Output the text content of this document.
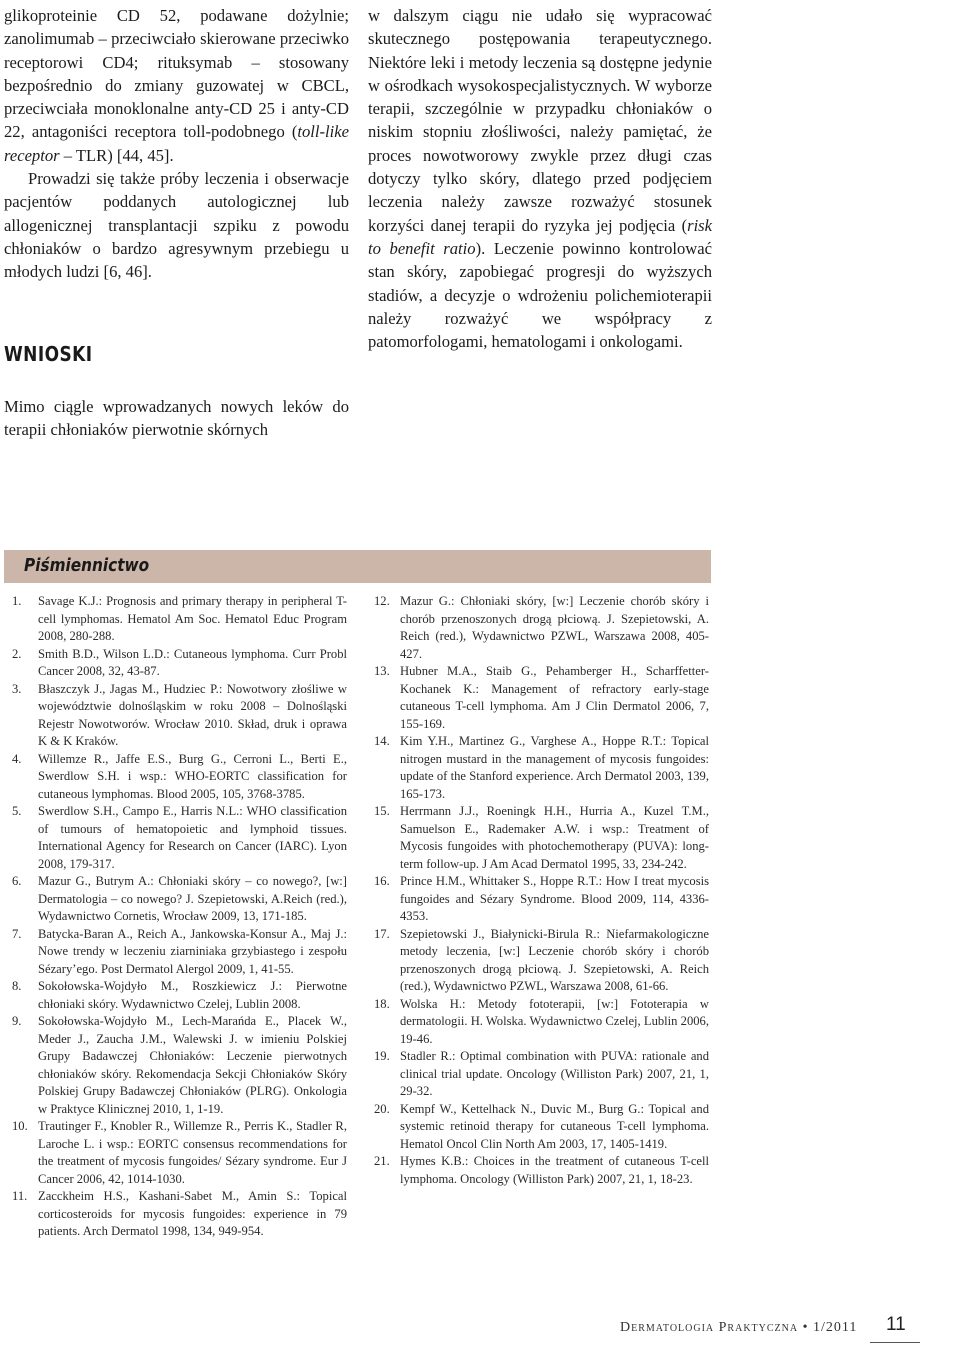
glikoproteinie CD 52, podawane dożylnie; zanolimumab – przeciwciało skierowane przeciwko receptorowi CD4; rituksymab – stosowany bezpośrednio do zmiany guzowatej w CBCL, przeciwciała monoklonalne anty-CD 25 i anty-CD 22, antagoniści receptora toll-podobnego (toll-like receptor – TLR) [44, 45].

Prowadzi się także próby leczenia i obserwacje pacjentów poddanych autologicznej lub allogenicznej transplantacji szpiku z powodu chłoniaków o bardzo agresywnym przebiegu u młodych ludzi [6, 46].

WNIOSKI
Mimo ciągle wprowadzanych nowych leków do terapii chłoniaków pierwotnie skórnych

w dalszym ciągu nie udało się wypracować skutecznego postępowania terapeutycznego. Niektóre leki i metody leczenia są dostępne jedynie w ośrodkach wysokospecjalistycznych. W wyborze terapii, szczególnie w przypadku chłoniaków o niskim stopniu złośliwości, należy pamiętać, że proces nowotworowy zwykle przez długi czas dotyczy tylko skóry, dlatego przed podjęciem leczenia należy zawsze rozważyć stosunek korzyści danej terapii do ryzyka jej podjęcia (risk to benefit ratio). Leczenie powinno kontrolować stan skóry, zapobiegać progresji do wyższych stadiów, a decyzje o wdrożeniu polichemioterapii należy rozważyć we współpracy z patomorfologami, hematologami i onkologami.

Piśmiennictwo
1.	Savage K.J.: Prognosis and primary therapy in peripheral T-cell lymphomas. Hematol Am Soc. Hematol Educ Program 2008, 280-288.
2.	Smith B.D., Wilson L.D.: Cutaneous lymphoma. Curr Probl Cancer 2008, 32, 43-87.
3.	Błaszczyk J., Jagas M., Hudziec P.: Nowotwory złośliwe w województwie dolnośląskim w roku 2008 – Dolnośląski Rejestr Nowotworów. Wrocław 2010. Skład, druk i oprawa K & K Kraków.
4.	Willemze R., Jaffe E.S., Burg G., Cerroni L., Berti E., Swerdlow S.H. i wsp.: WHO-EORTC classification for cutaneous lymphomas. Blood 2005, 105, 3768-3785.
5.	Swerdlow S.H., Campo E., Harris N.L.: WHO classification of tumours of hematopoietic and lymphoid tissues. International Agency for Research on Cancer (IARC). Lyon 2008, 179-317.
6.	Mazur G., Butrym A.: Chłoniaki skóry – co nowego?, [w:] Dermatologia – co nowego? J. Szepietowski, A.Reich (red.), Wydawnictwo Cornetis, Wrocław 2009, 13, 171-185.
7.	Batycka-Baran A., Reich A., Jankowska-Konsur A., Maj J.: Nowe trendy w leczeniu ziarniniaka grzybiastego i zespołu Sézary’ego. Post Dermatol Alergol 2009, 1, 41-55.
8.	Sokołowska-Wojdyło M., Roszkiewicz J.: Pierwotne chłoniaki skóry. Wydawnictwo Czelej, Lublin 2008.
9.	Sokołowska-Wojdyło M., Lech-Marańda E., Placek W., Meder J., Zaucha J.M., Walewski J. w imieniu Polskiej Grupy Badawczej Chłoniaków: Leczenie pierwotnych chłoniaków skóry. Rekomendacja Sekcji Chłoniaków Skóry Polskiej Grupy Badawczej Chłoniaków (PLRG). Onkologia w Praktyce Klinicznej 2010, 1, 1-19.
10. Trautinger F., Knobler R., Willemze R., Perris K., Stadler R, Laroche L. i wsp.: EORTC consensus recommendations for the treatment of mycosis fungoides/ Sézary syndrome. Eur J Cancer 2006, 42, 1014-1030.
11. Zacckheim H.S., Kashani-Sabet M., Amin S.: Topical corticosteroids for mycosis fungoides: experience in 79 patients. Arch Dermatol 1998, 134, 949-954.
12. Mazur G.: Chłoniaki skóry, [w:] Leczenie chorób skóry i chorób przenoszonych drogą płciową. J. Szepietowski, A. Reich (red.), Wydawnictwo PZWL, Warszawa 2008, 405-427.
13. Hubner M.A., Staib G., Pehamberger H., Scharffetter-Kochanek K.: Management of refractory early-stage cutaneous T-cell lymphoma. Am J Clin Dermatol 2006, 7, 155-169.
14. Kim Y.H., Martinez G., Varghese A., Hoppe R.T.: Topical nitrogen mustard in the management of mycosis fungoides: update of the Stanford experience. Arch Dermatol 2003, 139, 165-173.
15. Herrmann J.J., Roeningk H.H., Hurria A., Kuzel T.M., Samuelson E., Rademaker A.W. i wsp.: Treatment of Mycosis fungoides with photochemotherapy (PUVA): long-term follow-up. J Am Acad Dermatol 1995, 33, 234-242.
16. Prince H.M., Whittaker S., Hoppe R.T.: How I treat mycosis fungoides and Sézary Syndrome. Blood 2009, 114, 4336-4353.
17. Szepietowski J., Białynicki-Birula R.: Niefarmakologiczne metody leczenia, [w:] Leczenie chorób skóry i chorób przenoszonych drogą płciową. J. Szepietowski, A. Reich (red.), Wydawnictwo PZWL, Warszawa 2008, 61-66.
18. Wolska H.: Metody fototerapii, [w:] Fototerapia w dermatologii. H. Wolska. Wydawnictwo Czelej, Lublin 2006, 19-46.
19. Stadler R.: Optimal combination with PUVA: rationale and clinical trial update. Oncology (Williston Park) 2007, 21, 1, 29-32.
20. Kempf W., Kettelhack N., Duvic M., Burg G.: Topical and systemic retinoid therapy for cutaneous T-cell lymphoma. Hematol Oncol Clin North Am 2003, 17, 1405-1419.
21. Hymes K.B.: Choices in the treatment of cutaneous T-cell lymphoma. Oncology (Williston Park) 2007, 21, 1, 18-23.
Dermatologia Praktyczna • 1/2011 11
